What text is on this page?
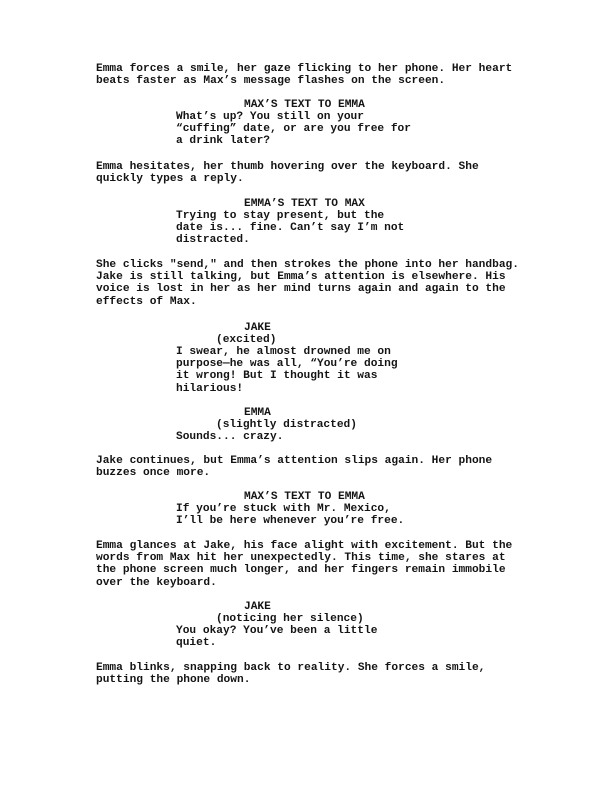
Emma forces a smile, her gaze flicking to her phone. Her heart
beats faster as Max’s message flashes on the screen.
MAX’S TEXT TO EMMA
What’s up? You still on your
“cuffing” date, or are you free for
a drink later?
Emma hesitates, her thumb hovering over the keyboard. She
quickly types a reply.
EMMA’S TEXT TO MAX
Trying to stay present, but the
date is... fine. Can’t say I’m not
distracted.
She clicks "send," and then strokes the phone into her handbag.
Jake is still talking, but Emma’s attention is elsewhere. His
voice is lost in her as her mind turns again and again to the
effects of Max.
JAKE
(excited)
I swear, he almost drowned me on
purpose—he was all, “You’re doing
it wrong! But I thought it was
hilarious!
EMMA
(slightly distracted)
Sounds... crazy.
Jake continues, but Emma’s attention slips again. Her phone
buzzes once more.
MAX’S TEXT TO EMMA
If you’re stuck with Mr. Mexico,
I’ll be here whenever you’re free.
Emma glances at Jake, his face alight with excitement. But the
words from Max hit her unexpectedly. This time, she stares at
the phone screen much longer, and her fingers remain immobile
over the keyboard.
JAKE
(noticing her silence)
You okay? You’ve been a little
quiet.
Emma blinks, snapping back to reality. She forces a smile,
putting the phone down.
